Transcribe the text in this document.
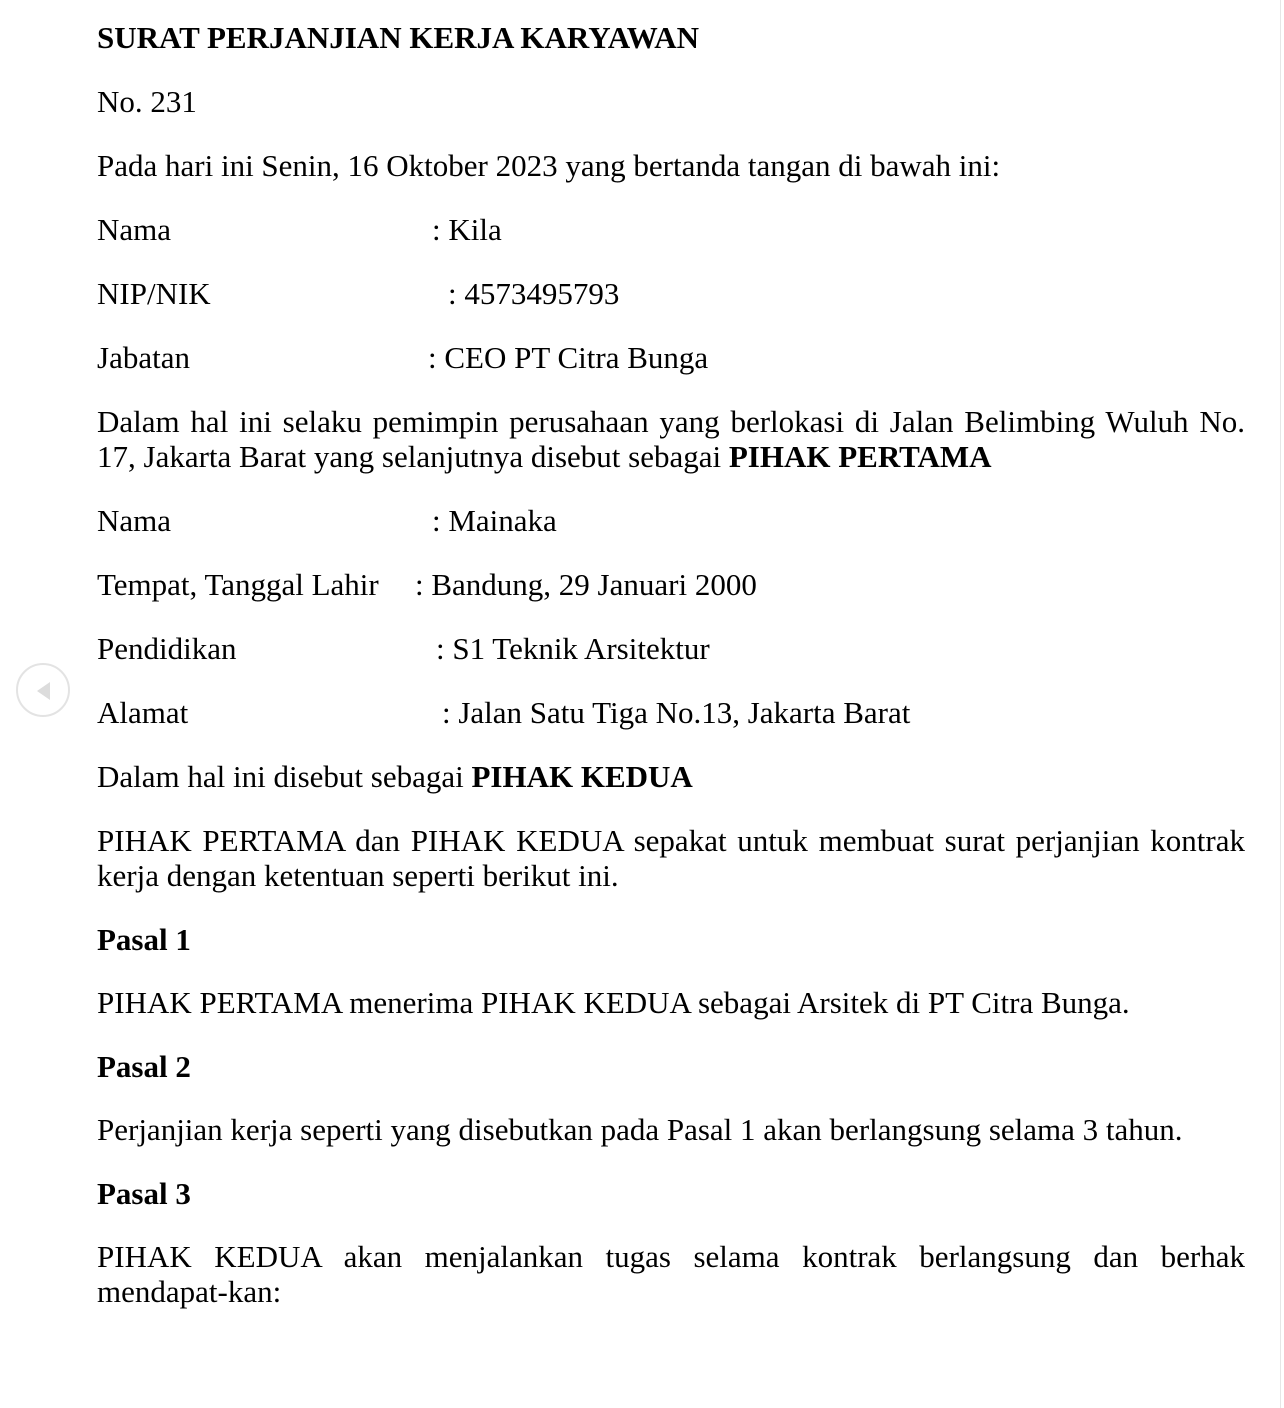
SURAT PERJANJIAN KERJA KARYAWAN

No. 231

Pada hari ini Senin, 16 Oktober 2023 yang bertanda tangan di bawah ini:

Nama	: Kila
NIP/NIK	: 4573495793
Jabatan	: CEO PT Citra Bunga

Dalam hal ini selaku pemimpin perusahaan yang berlokasi di Jalan Belimbing Wuluh No. 17, Jakarta Barat yang selanjutnya disebut sebagai PIHAK PERTAMA

Nama	: Mainaka
Tempat, Tanggal Lahir : Bandung, 29 Januari 2000
Pendidikan	: S1 Teknik Arsitektur
Alamat	: Jalan Satu Tiga No.13, Jakarta Barat

Dalam hal ini disebut sebagai PIHAK KEDUA

PIHAK PERTAMA dan PIHAK KEDUA sepakat untuk membuat surat perjanjian kontrak kerja dengan ketentuan seperti berikut ini.

Pasal 1

PIHAK PERTAMA menerima PIHAK KEDUA sebagai Arsitek di PT Citra Bunga.

Pasal 2

Perjanjian kerja seperti yang disebutkan pada Pasal 1 akan berlangsung selama 3 tahun.

Pasal 3

PIHAK KEDUA akan menjalankan tugas selama kontrak berlangsung dan berhak mendapat-kan:
